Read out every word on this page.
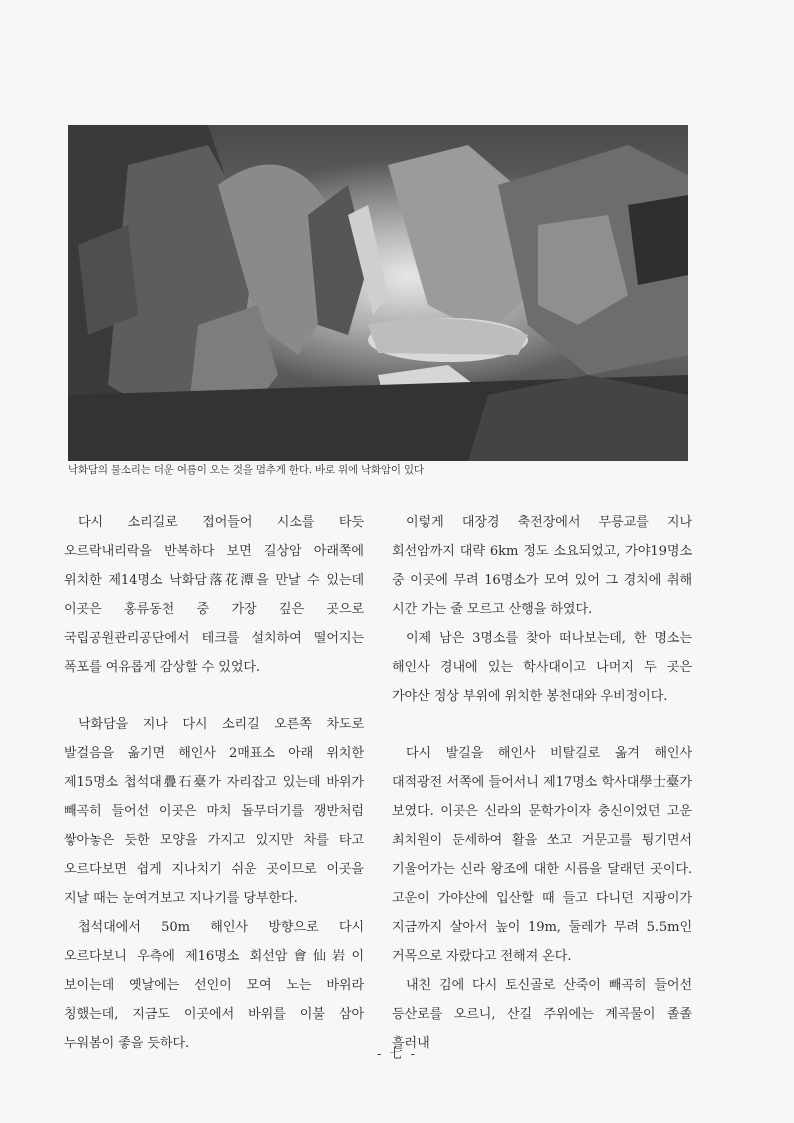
낙화담의 물소리는 더운 여름이 오는 것을 멈추게 한다. 바로 위에 낙화암이 있다

다시 소리길로 접어들어 시소를 타듯 오르락내리락을 반복하다 보면 길상암 아래쪽에 위치한 제14명소 낙화담落花潭을 만날 수 있는데 이곳은 홍류동천 중 가장 깊은 곳으로 국립공원관리공단에서 테크를 설치하여 떨어지는 폭포를 여유롭게 감상할 수 있었다.

낙화담을 지나 다시 소리길 오른쪽 차도로 발걸음을 옮기면 해인사 2매표소 아래 위치한 제15명소 첩석대疊石臺가 자리잡고 있는데 바위가 빼곡히 들어선 이곳은 마치 돌무더기를 쟁반처럼 쌓아놓은 듯한 모양을 가지고 있지만 차를 타고 오르다보면 쉽게 지나치기 쉬운 곳이므로 이곳을 지날 때는 눈여겨보고 지나기를 당부한다.

첩석대에서 50m 해인사 방향으로 다시 오르다보니 우측에 제16명소 회선암會仙岩이 보이는데 옛날에는 선인이 모여 노는 바위라 칭했는데, 지금도 이곳에서 바위를 이불 삼아 누워봄이 좋을 듯하다.

이렇게 대장경 축전장에서 무릉교를 지나 회선암까지 대략 6km 정도 소요되었고, 가야19명소 중 이곳에 무려 16명소가 모여 있어 그 경치에 취해 시간 가는 줄 모르고 산행을 하였다.

이제 남은 3명소를 찾아 떠나보는데, 한 명소는 해인사 경내에 있는 학사대이고 나머지 두 곳은 가야산 정상 부위에 위치한 봉천대와 우비정이다.

다시 발길을 해인사 비탈길로 옮겨 해인사 대적광전 서쪽에 들어서니 제17명소 학사대學士臺가 보였다. 이곳은 신라의 문학가이자 충신이었던 고운 최치원이 둔세하여 활을 쏘고 거문고를 튕기면서 기울어가는 신라 왕조에 대한 시름을 달래던 곳이다. 고운이 가야산에 입산할 때 들고 다니던 지팡이가 지금까지 살아서 높이 19m, 둘레가 무려 5.5m인 거목으로 자랐다고 전해져 온다.

내친 김에 다시 토신골로 산죽이 빼곡히 들어선 등산로를 오르니, 산길 주위에는 계곡물이 졸졸 흘러내

- 七 -
